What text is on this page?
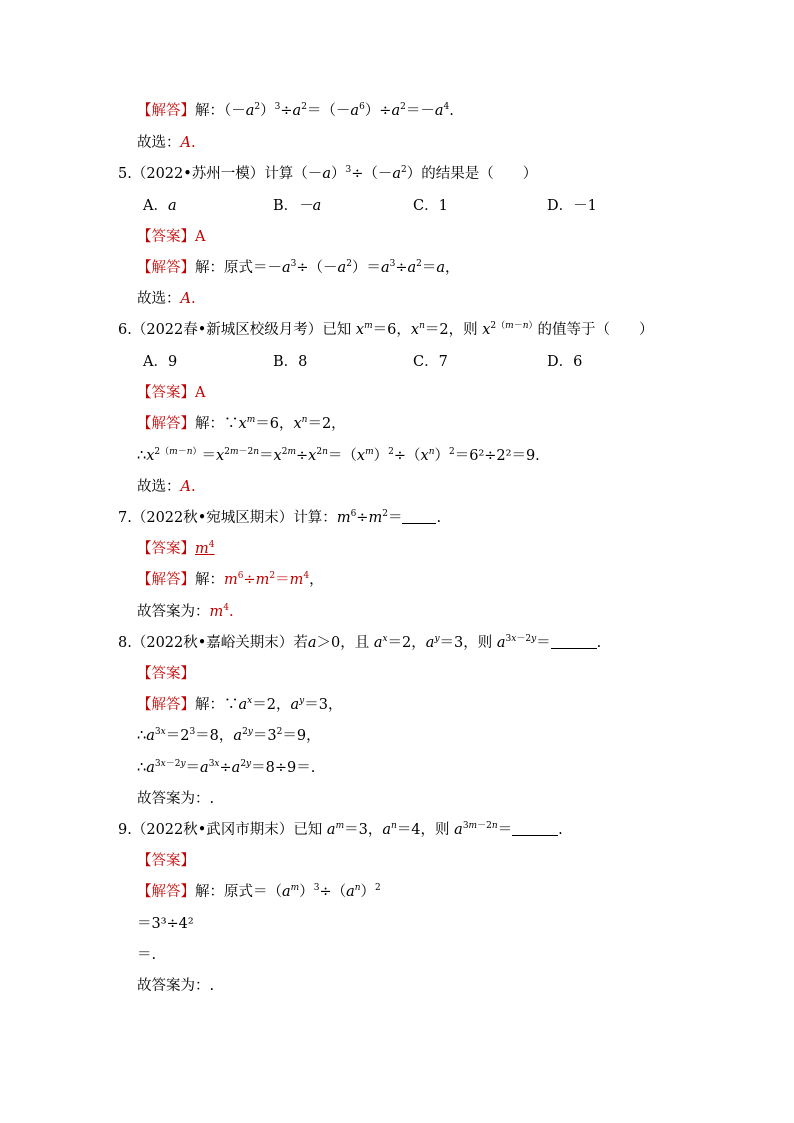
【解答】解：$(-a^2)^3\div a^2=(-a^6)\div a^2=-a^4$.
故选：A.
5.（2022•苏州一模）计算$(-a)^3\div(-a^2)$的结果是（　　）
A．a	B．－a	C．1	D．－1
【答案】A
【解答】解：原式$=-a^3\div(-a^2)=a^3\div a^2=a$，
故选：A.
6.（2022春•新城区校级月考）已知 $x^m=6$，$x^n=2$，则 $x^{2(m-n)}$的值等于（　　）
A．9	B．8	C．7	D．6
【答案】A
【解答】解：$\because x^m=6$，$x^n=2$，
$\therefore x^{2(m-n)}=x^{2m-2n}=x^{2m}\div x^{2n}=(x^m)^2\div(x^n)^2=6^2\div 2^2=9$.
故选：A.
7.（2022秋•宛城区期末）计算：$m^6\div m^2=$ .
【答案】$m^4$
【解答】解：$m^6\div m^2=m^4$，
故答案为：$m^4$.
8.（2022秋•嘉峪关期末）若a＞0，且 $a^x=2$，$a^y=3$，则 $a^{3x-2y}=$	.
【答案】
【解答】解：$\because a^x=2$，$a^y=3$，
$\therefore a^{3x}=2^3=8$，$a^{2y}=3^2=9$，
$\therefore a^{3x-2y}=a^{3x}\div a^{2y}=8\div 9=$.
故答案为：.
9.（2022秋•武冈市期末）已知 $a^m=3$，$a^n=4$，则 $a^{3m-2n}=$	.
【答案】
【解答】解：原式$=(a^m)^3\div(a^n)^2$
＝3³÷4²
＝.
故答案为：.
